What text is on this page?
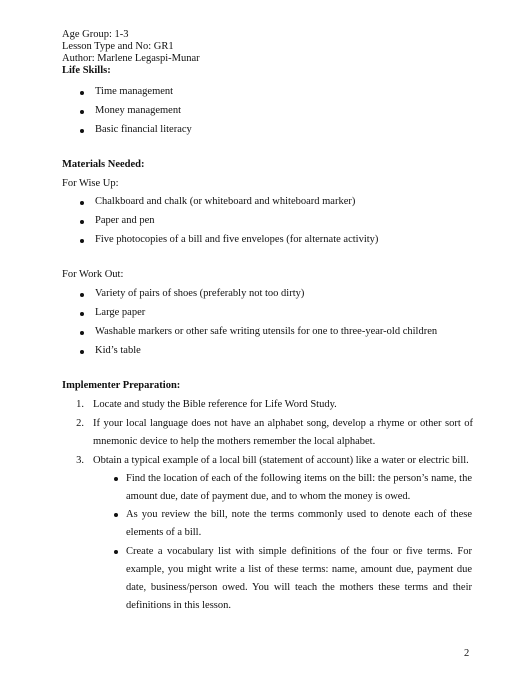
Age Group: 1-3
Lesson Type and No: GR1
Author: Marlene Legaspi-Munar
Life Skills:
Time management
Money management
Basic financial literacy
Materials Needed:
For Wise Up:
Chalkboard and chalk (or whiteboard and whiteboard marker)
Paper and pen
Five photocopies of a bill and five envelopes (for alternate activity)
For Work Out:
Variety of pairs of shoes (preferably not too dirty)
Large paper
Washable markers or other safe writing utensils for one to three-year-old children
Kid’s table
Implementer Preparation:
1. Locate and study the Bible reference for Life Word Study.
2. If your local language does not have an alphabet song, develop a rhyme or other sort of mnemonic device to help the mothers remember the local alphabet.
3. Obtain a typical example of a local bill (statement of account) like a water or electric bill.
Find the location of each of the following items on the bill: the person’s name, the amount due, date of payment due, and to whom the money is owed.
As you review the bill, note the terms commonly used to denote each of these elements of a bill.
Create a vocabulary list with simple definitions of the four or five terms. For example, you might write a list of these terms: name, amount due, payment due date, business/person owed. You will teach the mothers these terms and their definitions in this lesson.
2
